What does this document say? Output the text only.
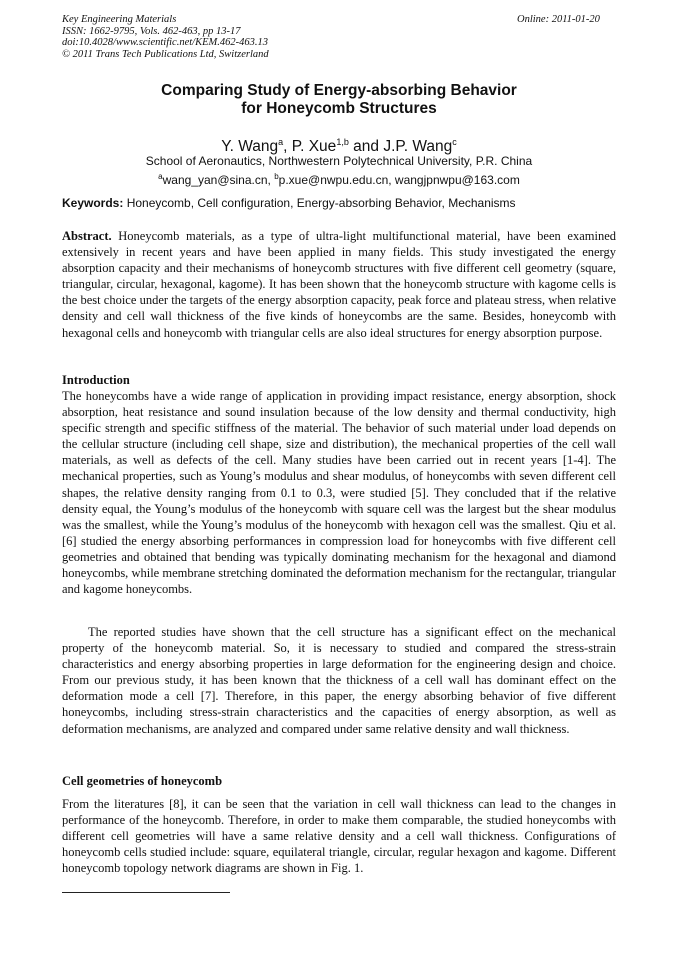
Key Engineering Materials
ISSN: 1662-9795, Vols. 462-463, pp 13-17
doi:10.4028/www.scientific.net/KEM.462-463.13
© 2011 Trans Tech Publications Ltd, Switzerland
Online: 2011-01-20
Comparing Study of Energy-absorbing Behavior
for Honeycomb Structures
Y. Wang$^a$, P. Xue$^{1,b}$ and J.P. Wang$^c$
School of Aeronautics, Northwestern Polytechnical University, P.R. China
$^a$wang_yan@sina.cn, $^b$p.xue@nwpu.edu.cn, wangjpnwpu@163.com
Keywords: Honeycomb, Cell configuration, Energy-absorbing Behavior, Mechanisms
Abstract. Honeycomb materials, as a type of ultra-light multifunctional material, have been examined extensively in recent years and have been applied in many fields. This study investigated the energy absorption capacity and their mechanisms of honeycomb structures with five different cell geometry (square, triangular, circular, hexagonal, kagome). It has been shown that the honeycomb structure with kagome cells is the best choice under the targets of the energy absorption capacity, peak force and plateau stress, when relative density and cell wall thickness of the five kinds of honeycombs are the same. Besides, honeycomb with hexagonal cells and honeycomb with triangular cells are also ideal structures for energy absorption purpose.
Introduction
The honeycombs have a wide range of application in providing impact resistance, energy absorption, shock absorption, heat resistance and sound insulation because of the low density and thermal conductivity, high specific strength and specific stiffness of the material. The behavior of such material under load depends on the cellular structure (including cell shape, size and distribution), the mechanical properties of the cell wall materials, as well as defects of the cell. Many studies have been carried out in recent years [1-4]. The mechanical properties, such as Young’s modulus and shear modulus, of honeycombs with seven different cell shapes, the relative density ranging from 0.1 to 0.3, were studied [5]. They concluded that if the relative density equal, the Young’s modulus of the honeycomb with square cell was the largest but the shear modulus was the smallest, while the Young’s modulus of the honeycomb with hexagon cell was the smallest. Qiu et al. [6] studied the energy absorbing performances in compression load for honeycombs with five different cell geometries and obtained that bending was typically dominating mechanism for the hexagonal and diamond honeycombs, while membrane stretching dominated the deformation mechanism for the rectangular, triangular and kagome honeycombs.
The reported studies have shown that the cell structure has a significant effect on the mechanical property of the honeycomb material. So, it is necessary to studied and compared the stress-strain characteristics and energy absorbing properties in large deformation for the engineering design and choice. From our previous study, it has been known that the thickness of a cell wall has dominant effect on the deformation mode a cell [7]. Therefore, in this paper, the energy absorbing behavior of five different honeycombs, including stress-strain characteristics and the capacities of energy absorption, as well as deformation mechanisms, are analyzed and compared under same relative density and wall thickness.
Cell geometries of honeycomb
From the literatures [8], it can be seen that the variation in cell wall thickness can lead to the changes in performance of the honeycomb. Therefore, in order to make them comparable, the studied honeycombs with different cell geometries will have a same relative density and a cell wall thickness. Configurations of honeycomb cells studied include: square, equilateral triangle, circular, regular hexagon and kagome. Different honeycomb topology network diagrams are shown in Fig. 1.
